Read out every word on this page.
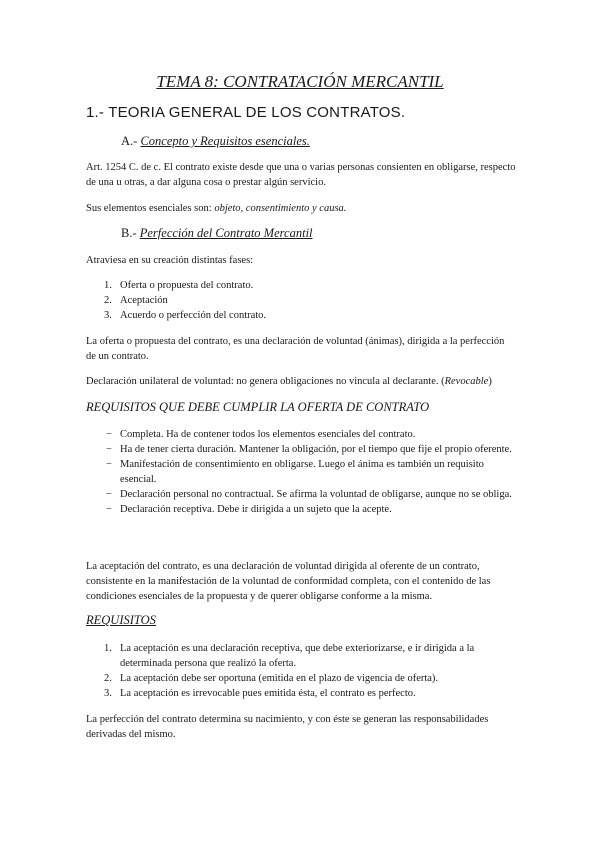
TEMA 8: CONTRATACIÓN MERCANTIL
1.- TEORIA GENERAL DE LOS CONTRATOS.

A.- Concepto y Requisitos esenciales.

Art. 1254 C. de c. El contrato existe desde que una o varias personas consienten en obligarse, respecto de una u otras, a dar alguna cosa o prestar algún servicio.

Sus elementos esenciales son: objeto, consentimiento y causa.

B.- Perfección del Contrato Mercantil

Atraviesa en su creación distintas fases:

1. Oferta o propuesta del contrato.
2. Aceptación
3. Acuerdo o perfección del contrato.

La oferta o propuesta del contrato, es una declaración de voluntad (ánimas), dirigida a la perfección de un contrato.

Declaración unilateral de voluntad: no genera obligaciones no vincula al declarante. (Revocable)

REQUISITOS QUE DEBE CUMPLIR LA OFERTA DE CONTRATO

− Completa. Ha de contener todos los elementos esenciales del contrato.
− Ha de tener cierta duración. Mantener la obligación, por el tiempo que fije el propio oferente.
− Manifestación de consentimiento en obligarse. Luego el ánima es también un requisito esencial.
− Declaración personal no contractual. Se afirma la voluntad de obligarse, aunque no se obliga.
− Declaración receptiva. Debe ir dirigida a un sujeto que la acepte.

La aceptación del contrato, es una declaración de voluntad dirigida al oferente de un contrato, consistente en la manifestación de la voluntad de conformidad completa, con el contenido de las condiciones esenciales de la propuesta y de querer obligarse conforme a la misma.

REQUISITOS

1. La aceptación es una declaración receptiva, que debe exteriorizarse, e ir dirigida a la determinada persona que realizó la oferta.
2. La aceptación debe ser oportuna (emitida en el plazo de vigencia de oferta).
3. La aceptación es irrevocable pues emitida ésta, el contrato es perfecto.

La perfección del contrato determina su nacimiento, y con éste se generan las responsabilidades derivadas del mismo.
